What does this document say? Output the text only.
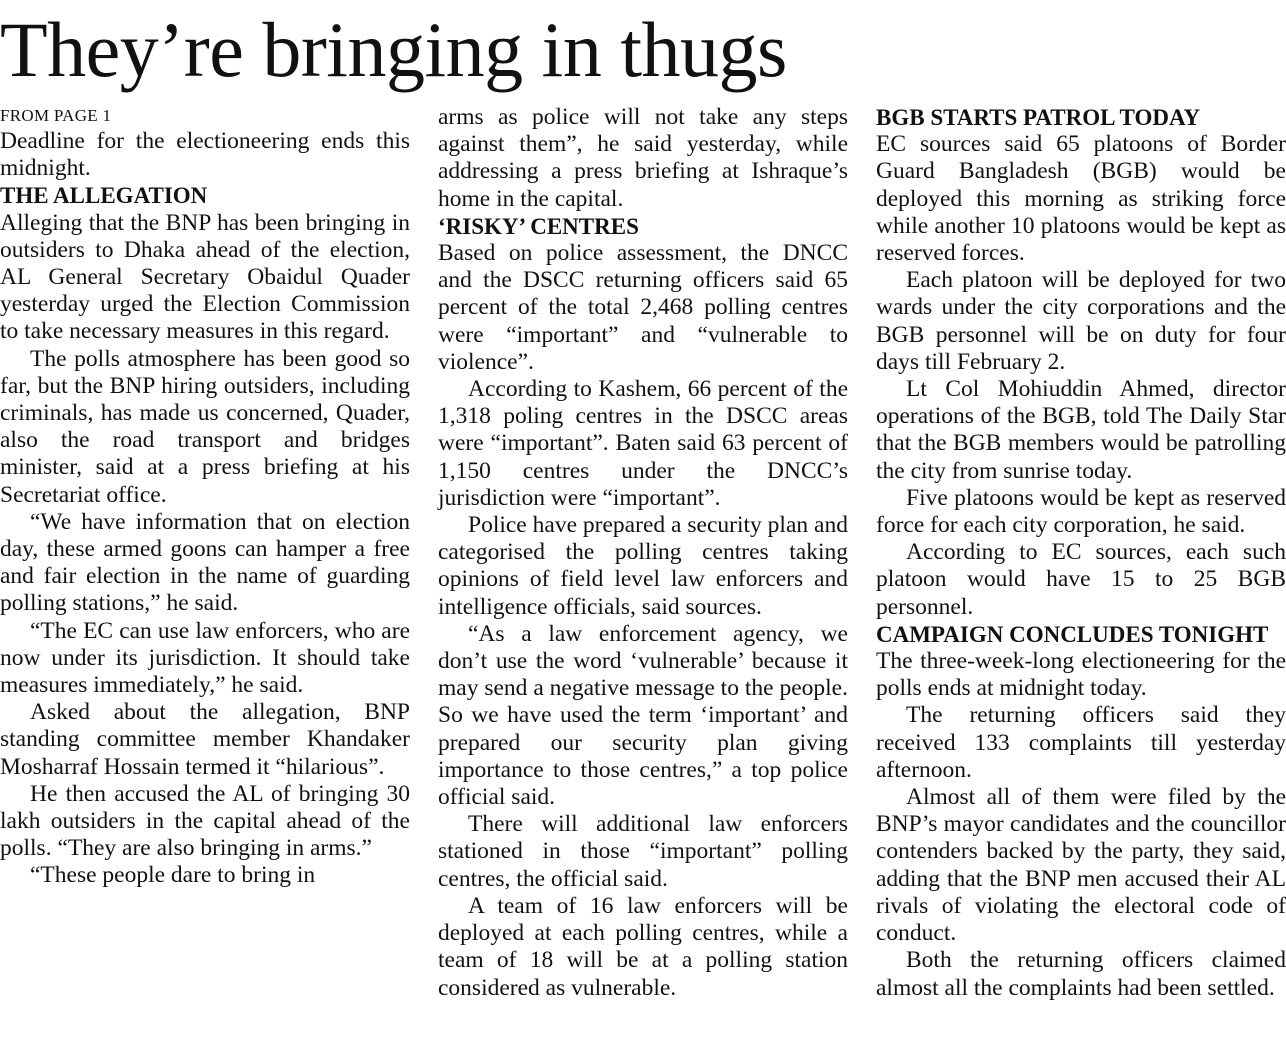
They’re bringing in thugs
FROM PAGE 1

Deadline for the electioneering ends this midnight.

THE ALLEGATION

Alleging that the BNP has been bringing in outsiders to Dhaka ahead of the election, AL General Secretary Obaidul Quader yesterday urged the Election Commission to take necessary measures in this regard.

The polls atmosphere has been good so far, but the BNP hiring outsiders, including criminals, has made us concerned, Quader, also the road transport and bridges minister, said at a press briefing at his Secretariat office.

“We have information that on election day, these armed goons can hamper a free and fair election in the name of guarding polling stations,” he said.

“The EC can use law enforcers, who are now under its jurisdiction. It should take measures immediately,” he said.

Asked about the allegation, BNP standing committee member Khandaker Mosharraf Hossain termed it “hilarious”.

He then accused the AL of bringing 30 lakh outsiders in the capital ahead of the polls. “They are also bringing in arms.”

“These people dare to bring in

arms as police will not take any steps against them”, he said yesterday, while addressing a press briefing at Ishraque’s home in the capital.

‘RISKY’ CENTRES

Based on police assessment, the DNCC and the DSCC returning officers said 65 percent of the total 2,468 polling centres were “important” and “vulnerable to violence”.

According to Kashem, 66 percent of the 1,318 poling centres in the DSCC areas were “important”. Baten said 63 percent of 1,150 centres under the DNCC’s jurisdiction were “important”.

Police have prepared a security plan and categorised the polling centres taking opinions of field level law enforcers and intelligence officials, said sources.

“As a law enforcement agency, we don’t use the word ‘vulnerable’ because it may send a negative message to the people. So we have used the term ‘important’ and prepared our security plan giving importance to those centres,” a top police official said.

There will additional law enforcers stationed in those “important” polling centres, the official said.

A team of 16 law enforcers will be deployed at each polling centres, while a team of 18 will be at a polling station considered as vulnerable.

BGB STARTS PATROL TODAY

EC sources said 65 platoons of Border Guard Bangladesh (BGB) would be deployed this morning as striking force while another 10 platoons would be kept as reserved forces.

Each platoon will be deployed for two wards under the city corporations and the BGB personnel will be on duty for four days till February 2.

Lt Col Mohiuddin Ahmed, director operations of the BGB, told The Daily Star that the BGB members would be patrolling the city from sunrise today.

Five platoons would be kept as reserved force for each city corporation, he said.

According to EC sources, each such platoon would have 15 to 25 BGB personnel.

CAMPAIGN CONCLUDES TONIGHT

The three-week-long electioneering for the polls ends at midnight today.

The returning officers said they received 133 complaints till yesterday afternoon.

Almost all of them were filed by the BNP’s mayor candidates and the councillor contenders backed by the party, they said, adding that the BNP men accused their AL rivals of violating the electoral code of conduct.

Both the returning officers claimed almost all the complaints had been settled.
